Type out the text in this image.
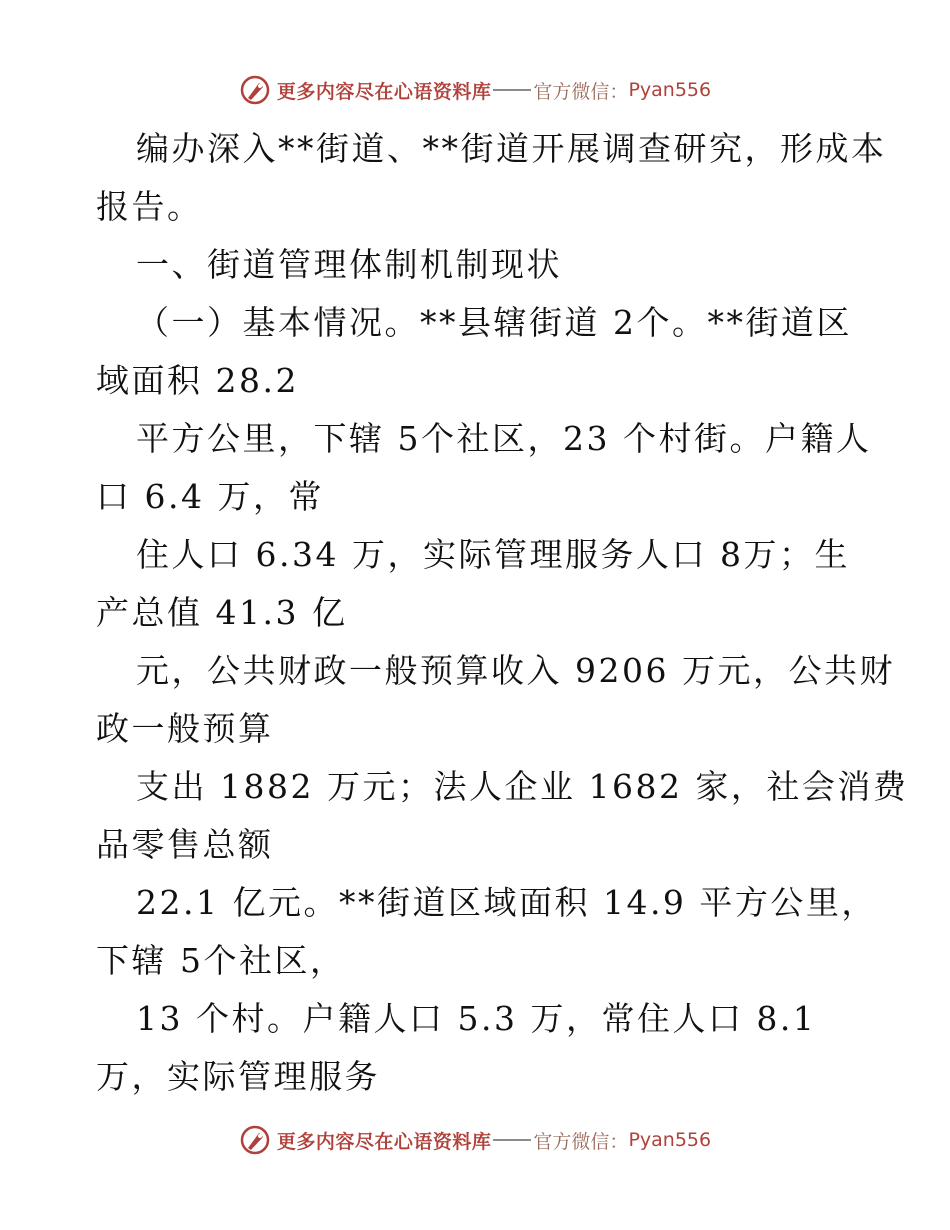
更多内容尽在心语资料库 官方微信： Pyan556
编办深入**街道、**街道开展调查研究，形成本
报告。
一、街道管理体制机制现状
（一）基本情况。**县辖街道 2个。**街道区
域面积 28.2
平方公里，下辖 5个社区，23 个村街。户籍人
口 6.4 万，常
住人口 6.34 万，实际管理服务人口 8万；生
产总值 41.3 亿
元，公共财政一般预算收入 9206 万元，公共财
政一般预算
支出 1882 万元；法人企业 1682 家，社会消费
品零售总额
22.1 亿元。**街道区域面积 14.9 平方公里，
下辖 5个社区，
13 个村。户籍人口 5.3 万，常住人口 8.1
万，实际管理服务
更多内容尽在心语资料库 官方微信： Pyan556
